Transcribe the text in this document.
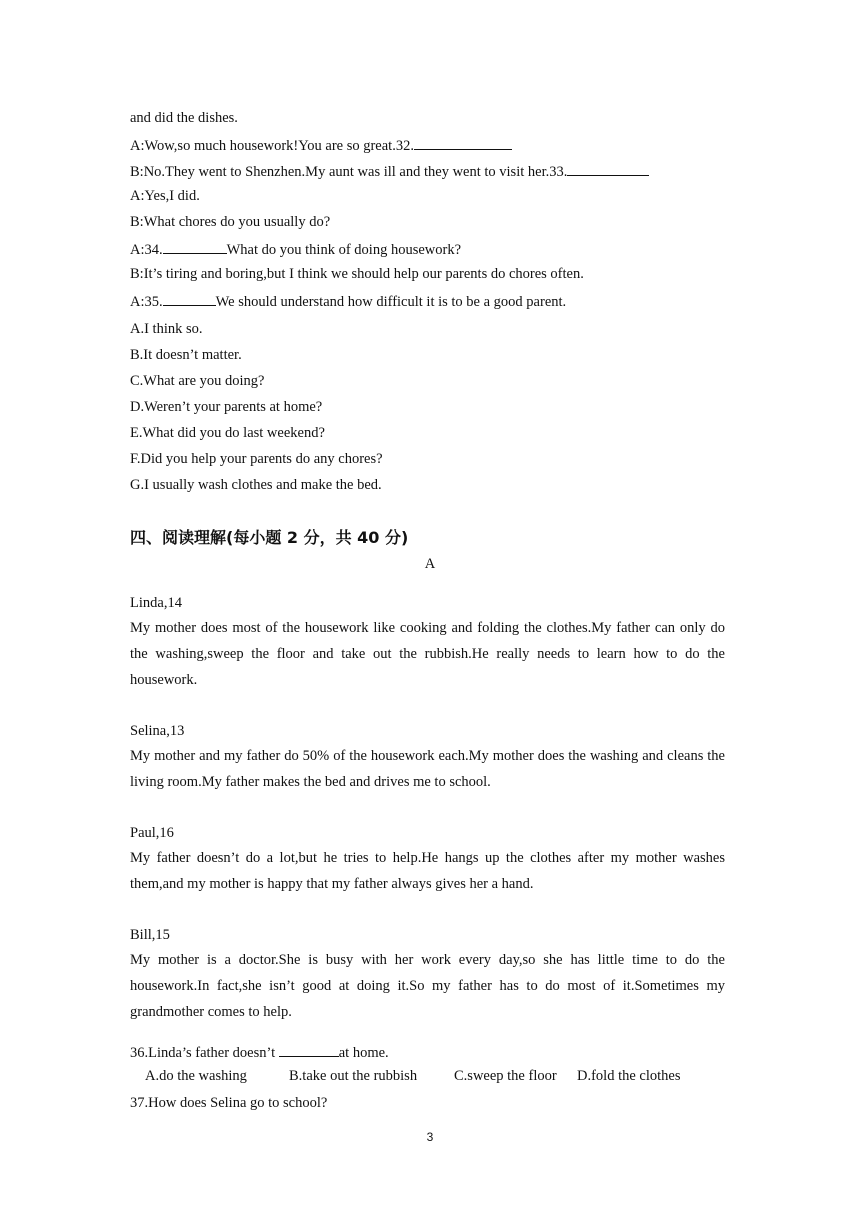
and did the dishes.
A:Wow,so much housework!You are so great.32.
B:No.They went to Shenzhen.My aunt was ill and they went to visit her.33.
A:Yes,I did.
B:What chores do you usually do?
A:34.	What do you think of doing housework?
B:It’s tiring and boring,but I think we should help our parents do chores often.
A:35.	We should understand how difficult it is to be a good parent.
A.I think so.
B.It doesn’t matter.
C.What are you doing?
D.Weren’t your parents at home?
E.What did you do last weekend?
F.Did you help your parents do any chores?
G.I usually wash clothes and make the bed.
四、阅读理解(每小题 2 分，共 40 分)
A
Linda,14
My mother does most of the housework like cooking and folding the clothes.My father can only do the washing,sweep the floor and take out the rubbish.He really needs to learn how to do the housework.
Selina,13
My mother and my father do 50% of the housework each.My mother does the washing and cleans the living room.My father makes the bed and drives me to school.
Paul,16
My father doesn’t do a lot,but he tries to help.He hangs up the clothes after my mother washes them,and my mother is happy that my father always gives her a hand.
Bill,15
My mother is a doctor.She is busy with her work every day,so she has little time to do the housework.In fact,she isn’t good at doing it.So my father has to do most of it.Sometimes my grandmother comes to help.
36.Linda’s father doesn’t	at home.
A.do the washing	B.take out the rubbish	C.sweep the floor D.fold the clothes
37.How does Selina go to school?
3
